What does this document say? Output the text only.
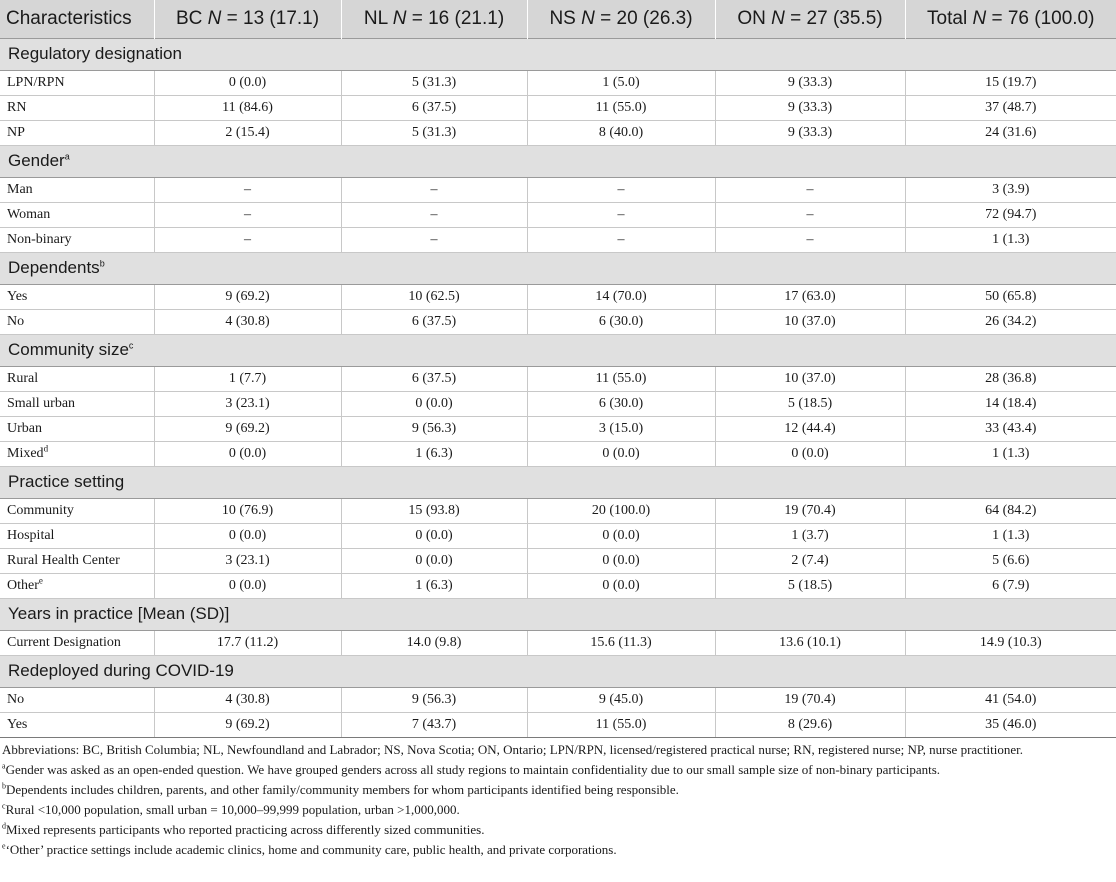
Characteristics	BC N = 13 (17.1)	NL N = 16 (21.1)	NS N = 20 (26.3)	ON N = 27 (35.5)	Total N = 76 (100.0)
Regulatory designation					
LPN/RPN	0 (0.0)	5 (31.3)	1 (5.0)	9 (33.3)	15 (19.7)
RN	11 (84.6)	6 (37.5)	11 (55.0)	9 (33.3)	37 (48.7)
NP	2 (15.4)	5 (31.3)	8 (40.0)	9 (33.3)	24 (31.6)
Gender$^a$
Man	–	–	–	–	3 (3.9)
Woman	–	–	–	–	72 (94.7)
Non-binary	–	–	–	–	1 (1.3)
Dependents$^b$
Yes	9 (69.2)	10 (62.5)	14 (70.0)	17 (63.0)	50 (65.8)
No	4 (30.8)	6 (37.5)	6 (30.0)	10 (37.0)	26 (34.2)
Community size$^c$
Rural	1 (7.7)	6 (37.5)	11 (55.0)	10 (37.0)	28 (36.8)
Small urban	3 (23.1)	0 (0.0)	6 (30.0)	5 (18.5)	14 (18.4)
Urban	9 (69.2)	9 (56.3)	3 (15.0)	12 (44.4)	33 (43.4)
Mixed$^d$	0 (0.0)	1 (6.3)	0 (0.0)	0 (0.0)	1 (1.3)
Practice setting					
Community	10 (76.9)	15 (93.8)	20 (100.0)	19 (70.4)	64 (84.2)
Hospital	0 (0.0)	0 (0.0)	0 (0.0)	1 (3.7)	1 (1.3)
Rural Health Center	3 (23.1)	0 (0.0)	0 (0.0)	2 (7.4)	5 (6.6)
Other$^e$	0 (0.0)	1 (6.3)	0 (0.0)	5 (18.5)	6 (7.9)
Years in practice [Mean (SD)]					
Current Designation	17.7 (11.2)	14.0 (9.8)	15.6 (11.3)	13.6 (10.1)	14.9 (10.3)
Redeployed during COVID-19					
No	4 (30.8)	9 (56.3)	9 (45.0)	19 (70.4)	41 (54.0)
Yes	9 (69.2)	7 (43.7)	11 (55.0)	8 (29.6)	35 (46.0)

Abbreviations: BC, British Columbia; NL, Newfoundland and Labrador; NS, Nova Scotia; ON, Ontario; LPN/RPN, licensed/registered practical nurse; RN, registered nurse; NP, nurse practitioner.

$^a$Gender was asked as an open-ended question. We have grouped genders across all study regions to maintain confidentiality due to our small sample size of non-binary participants.

$^b$Dependents includes children, parents, and other family/community members for whom participants identified being responsible.

$^c$Rural <10,000 population, small urban = 10,000–99,999 population, urban >1,000,000.

$^d$Mixed represents participants who reported practicing across differently sized communities.

$^e$‘Other’ practice settings include academic clinics, home and community care, public health, and private corporations.
